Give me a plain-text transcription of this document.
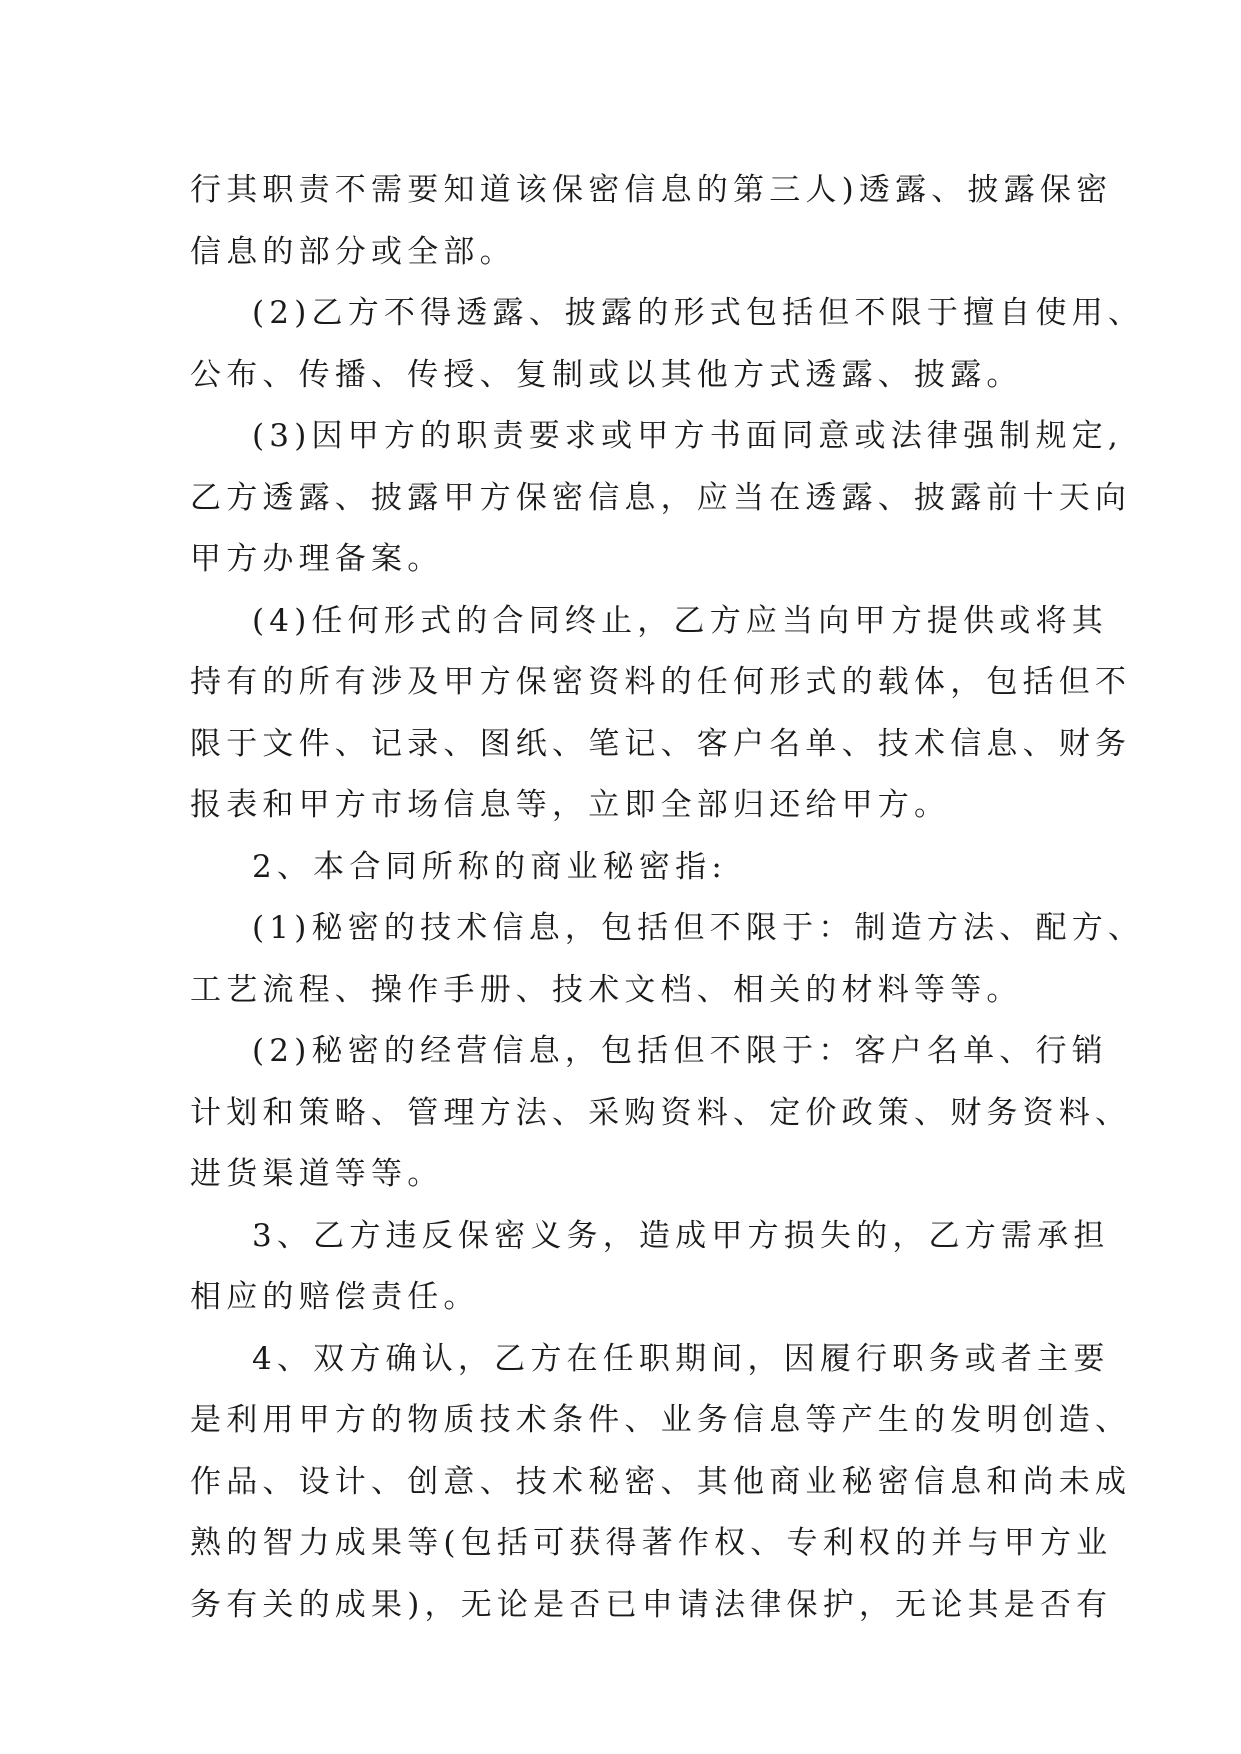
行其职责不需要知道该保密信息的第三人)透露、披露保密
信息的部分或全部。
(2)乙方不得透露、披露的形式包括但不限于擅自使用、
公布、传播、传授、复制或以其他方式透露、披露。
(3)因甲方的职责要求或甲方书面同意或法律强制规定,
乙方透露、披露甲方保密信息，应当在透露、披露前十天向
甲方办理备案。
(4)任何形式的合同终止，乙方应当向甲方提供或将其
持有的所有涉及甲方保密资料的任何形式的载体，包括但不
限于文件、记录、图纸、笔记、客户名单、技术信息、财务
报表和甲方市场信息等，立即全部归还给甲方。
2、本合同所称的商业秘密指:
(1)秘密的技术信息，包括但不限于：制造方法、配方、
工艺流程、操作手册、技术文档、相关的材料等等。
(2)秘密的经营信息，包括但不限于：客户名单、行销
计划和策略、管理方法、采购资料、定价政策、财务资料、
进货渠道等等。
3、乙方违反保密义务，造成甲方损失的，乙方需承担
相应的赔偿责任。
4、双方确认，乙方在任职期间，因履行职务或者主要
是利用甲方的物质技术条件、业务信息等产生的发明创造、
作品、设计、创意、技术秘密、其他商业秘密信息和尚未成
熟的智力成果等(包括可获得著作权、专利权的并与甲方业
务有关的成果)，无论是否已申请法律保护，无论其是否有
